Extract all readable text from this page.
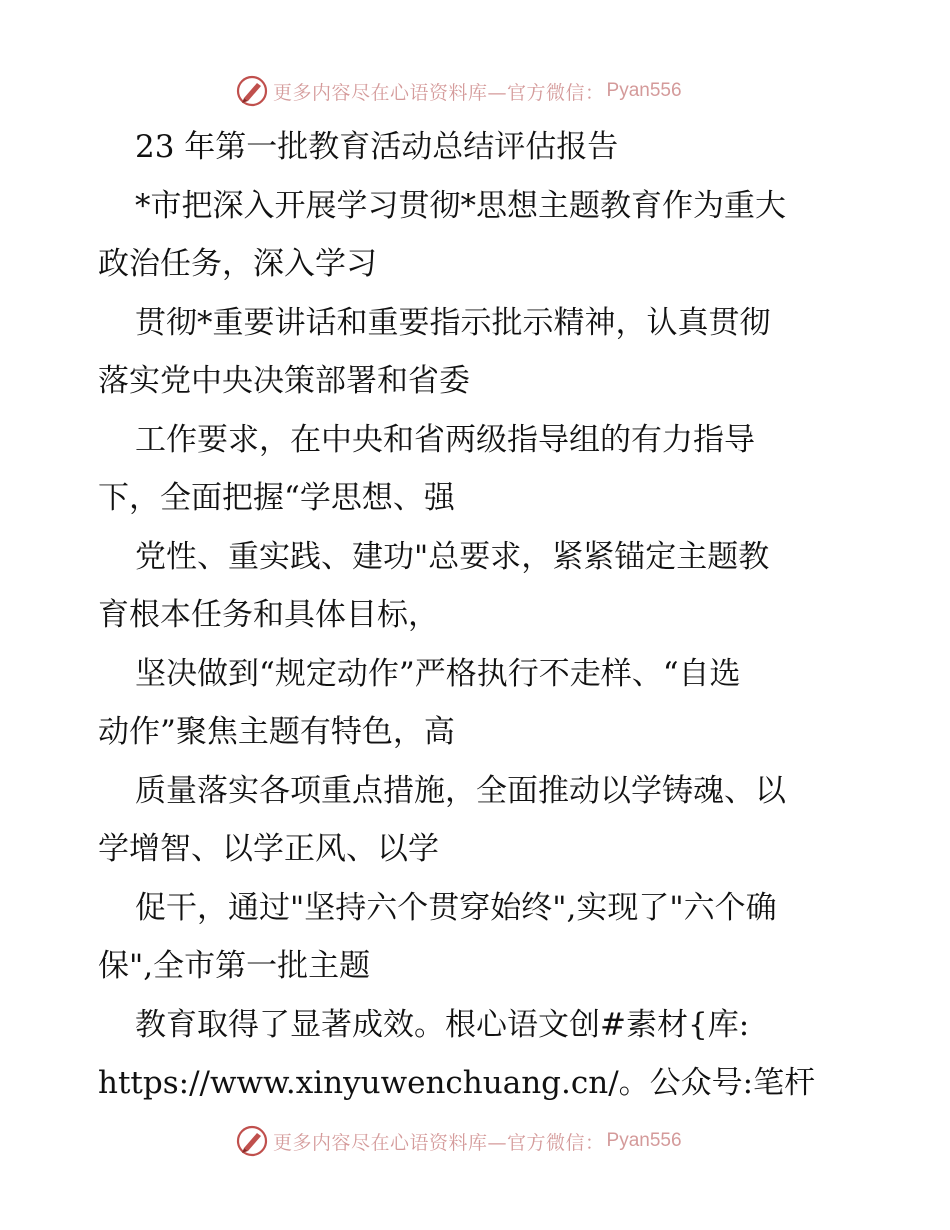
更多内容尽在心语资料库—官方微信： Pyan556
23 年第一批教育活动总结评估报告
*市把深入开展学习贯彻*思想主题教育作为重大
政治任务，深入学习
贯彻*重要讲话和重要指示批示精神，认真贯彻
落实党中央决策部署和省委
工作要求，在中央和省两级指导组的有力指导
下，全面把握“学思想、强
党性、重实践、建功"总要求，紧紧锚定主题教
育根本任务和具体目标，
坚决做到“规定动作”严格执行不走样、“自选
动作”聚焦主题有特色，高
质量落实各项重点措施，全面推动以学铸魂、以
学增智、以学正风、以学
促干，通过"坚持六个贯穿始终",实现了"六个确
保",全市第一批主题
教育取得了显著成效。根心语文创#素材{库:
https://www.xinyuwenchuang.cn/。公众号:笔杆
更多内容尽在心语资料库—官方微信： Pyan556
